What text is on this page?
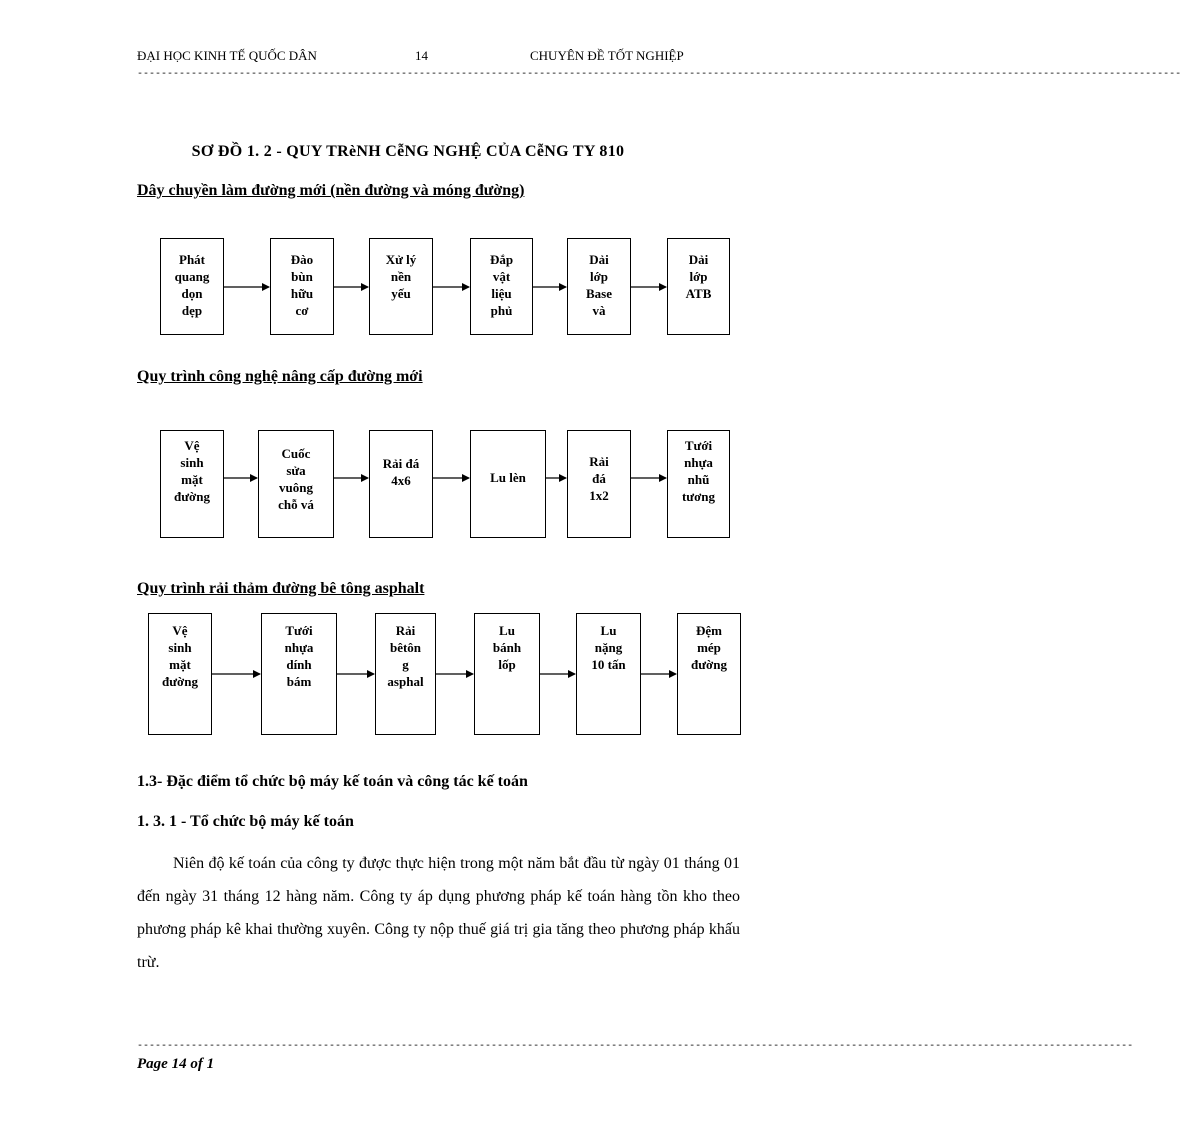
ĐẠI HỌC KINH TẾ QUỐC DÂN	14	CHUYÊN ĐỀ TỐT NGHIỆP
------------------------------------------------------------------------------------------------------------------------------------------------------------------------------
SƠ ĐỒ 1. 2 - QUY TRèNH CễNG NGHỆ CỦA CễNG TY 810
Dây chuyền làm đường mới (nền đường và móng đường)
Phát
quang
dọn
dẹp
Đào
bùn
hữu
cơ
Xử lý
nền
yếu
Đắp
vật
liệu
phủ
Dải
lớp
Base
và
Dải
lớp
ATB
Quy trình công nghệ nâng cấp đường mới
Vệ
sinh
mặt
đường
Cuốc
sửa
vuông
chỗ vá
Rải đá
4x6	Lu lèn
Rải
đá
1x2
Tưới
nhựa
nhũ
tương
Quy trình rải thảm đường bê tông asphalt
Vệ
sinh
mặt
đường
Tưới
nhựa
dính
bám
Rải
bêtôn
g
asphal
Lu
bánh
lốp
Lu
nặng
10 tấn
Đệm
mép
đường
1.3- Đặc điểm tổ chức bộ máy kế toán và công tác kế toán
1. 3. 1 - Tổ chức bộ máy kế toán
Niên độ kế toán của công ty được thực hiện trong một năm bắt đầu từ ngày 01 tháng 01 đến ngày 31 tháng 12 hàng năm. Công ty áp dụng phương pháp kế toán hàng tồn kho theo phương pháp kê khai thường xuyên. Công ty nộp thuế giá trị gia tăng theo phương pháp khấu trừ.
----------------------------------------------------------------------------------------------------------------------------------------------------------------------
Page 14 of 1
